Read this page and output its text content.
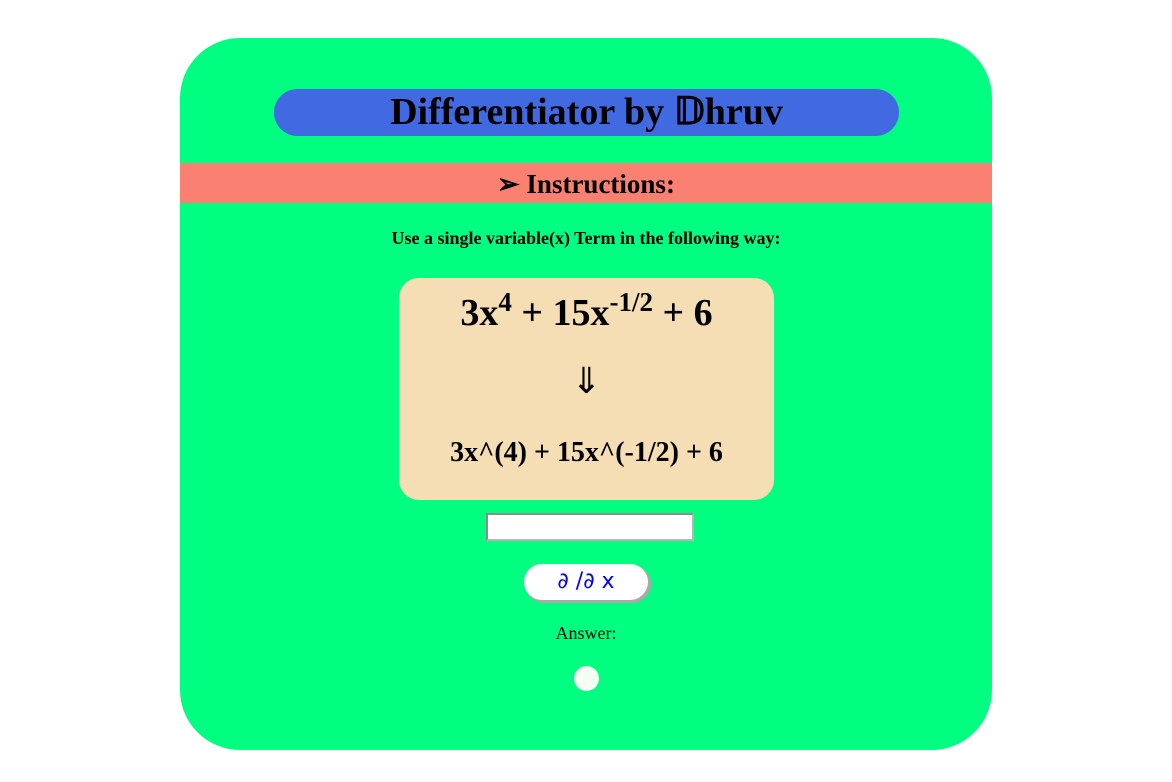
Differentiator by 𝔻hruv
➢ Instructions:
Use a single variable(x) Term in the following way:
$3x^4 + 15x^{-1/2} + 6$
⇓
3x^(4) + 15x^(-1/2) + 6
∂ /∂ x
Answer:
